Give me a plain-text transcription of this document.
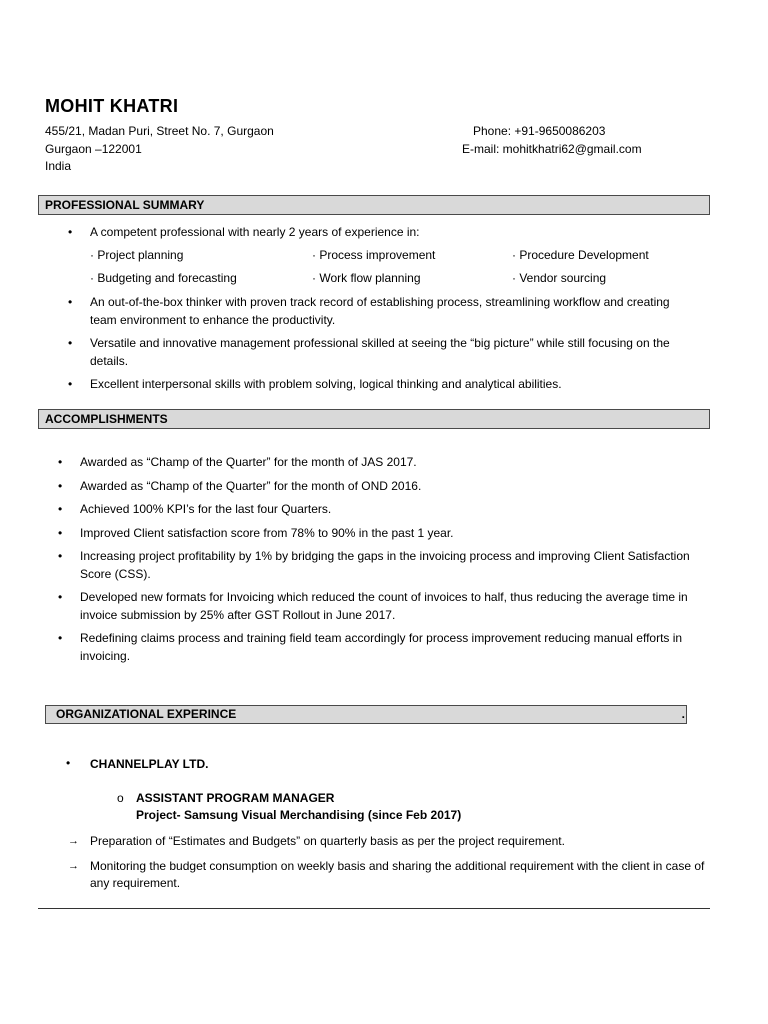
MOHIT KHATRI
455/21, Madan Puri, Street No. 7, Gurgaon
Gurgaon –122001
India
Phone: +91-9650086203
E-mail: mohitkhatri62@gmail.com
PROFESSIONAL SUMMARY
• A competent professional with nearly 2 years of experience in:
· Project planning	· Process improvement	· Procedure Development
· Budgeting and forecasting	· Work flow planning	· Vendor sourcing
• An out-of-the-box thinker with proven track record of establishing process, streamlining workflow and creating team environment to enhance the productivity.
• Versatile and innovative management professional skilled at seeing the “big picture” while still focusing on the details.
• Excellent interpersonal skills with problem solving, logical thinking and analytical abilities.
ACCOMPLISHMENTS
• Awarded as “Champ of the Quarter” for the month of JAS 2017.
• Awarded as “Champ of the Quarter” for the month of OND 2016.
• Achieved 100% KPI’s for the last four Quarters.
• Improved Client satisfaction score from 78% to 90% in the past 1 year.
• Increasing project profitability by 1% by bridging the gaps in the invoicing process and improving Client Satisfaction Score (CSS).
• Developed new formats for Invoicing which reduced the count of invoices to half, thus reducing the average time in invoice submission by 25% after GST Rollout in June 2017.
• Redefining claims process and training field team accordingly for process improvement reducing manual efforts in invoicing.
ORGANIZATIONAL EXPERINCE	.
• CHANNELPLAY LTD.
o ASSISTANT PROGRAM MANAGER
Project- Samsung Visual Merchandising (since Feb 2017)
→ Preparation of “Estimates and Budgets” on quarterly basis as per the project requirement.
→ Monitoring the budget consumption on weekly basis and sharing the additional requirement with the client in case of any requirement.
